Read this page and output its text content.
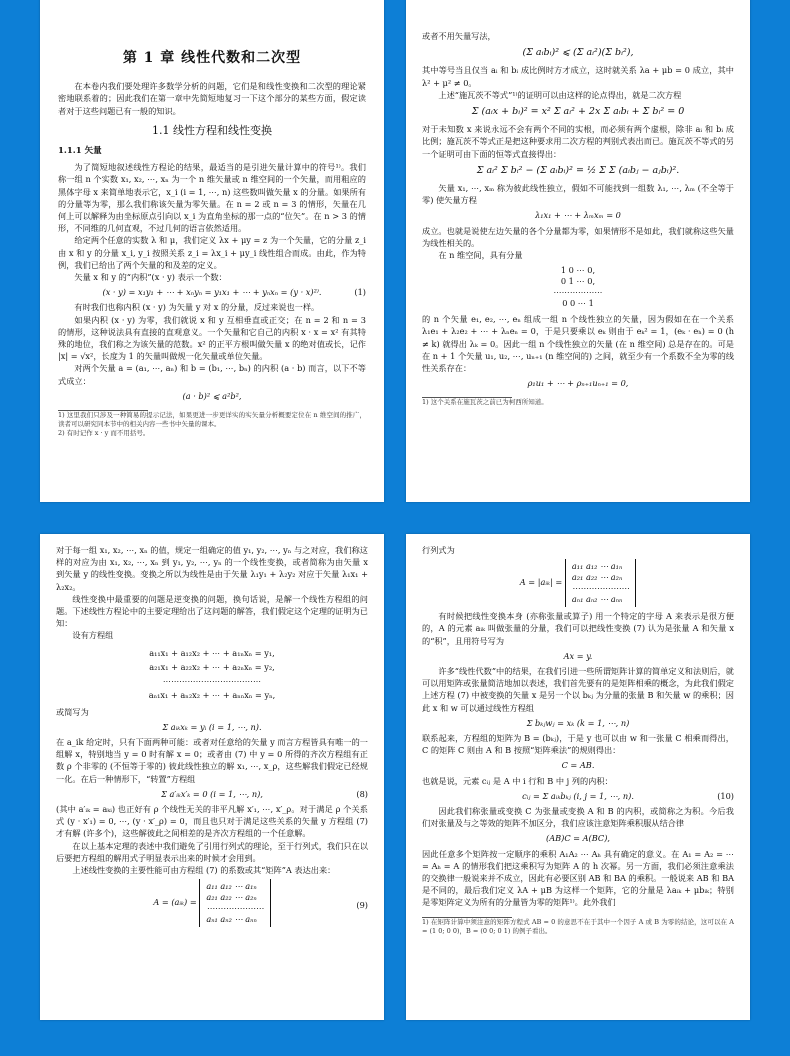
第 1 章 线性代数和二次型

在本卷内我们要处理许多数学分析的问题，它们是和线性变换和二次型的理论紧密地联系着的；因此我们在第一章中先简短地复习一下这个部分的某些方面，假定读者对于这些问题已有一般的知识。

1.1 线性方程和线性变换
1.1.1 矢量

为了简短地叙述线性方程论的结果，最适当的是引进矢量计算中的符号¹⁾。我们称一组 n 个实数 x₁, x₂, ⋯, xₙ 为一个 n 维矢量或 n 维空间的一个矢量，而用粗应的黑体字母 x 来简单地表示它，x_i (i = 1, ⋯, n) 这些数叫做矢量 x 的分量。如果所有的分量等为零，那么我们称该矢量为零矢量。在 n = 2 或 n = 3 的情形，矢量在几何上可以解释为由坐标原点引向以 x_i 为直角坐标的那一点的“位矢”。在 n > 3 的情形，不同维的几何直观，不过几何的语言依然适用。

给定两个任意的实数 λ 和 μ，我们定义 λx + μy = z 为一个矢量，它的分量 z_i 由 x 和 y 的分量 x_i, y_i 按照关系 z_i = λx_i + μy_i 线性组合而成。由此，作为特例，我们已给出了两个矢量的和及差的定义。

矢量 x 和 y 的“内积”(x · y) 表示一个数：

(x · y) = x₁y₁ + ⋯ + xₙyₙ = y₁x₁ + ⋯ + yₙxₙ = (y · x)²⁾.	(1)

有时我们也称内积 (x · y) 为矢量 y 对 x 的分量，反过来说也一样。

如果内积 (x · y) 为零，我们就说 x 和 y 互相垂直或正交；在 n = 2 和 n = 3 的情形，这种说法具有直接的直观意义。一个矢量和它自己的内积 x · x = x² 有其特殊的地位，我们称之为该矢量的范数。x² 的正平方根叫做矢量 x 的绝对值或长，记作 |x| = √x²，长度为 1 的矢量叫做规一化矢量或单位矢量。

对两个矢量 a = (a₁, ⋯, aₙ) 和 b = (b₁, ⋯, bₙ) 的内积 (a · b) 而言，以下不等式成立：

(a · b)² ⩽ a²b²,

1) 这里我们只涉及一种简易的提示记法，如果更进一步更详实的实矢量分析概要定位在 n 维空间的推广，读者可以研究同本节中的相关内容一些书中矢量的课本。

2) 有时记作 x · y 而不用括号。

或者不用矢量写法，

(Σ aᵢbᵢ)² ⩽ (Σ aᵢ²)(Σ bᵢ²),

其中等号当且仅当 aᵢ 和 bᵢ 成比例时方才成立，这时就关系 λa + μb = 0 成立，其中 λ² + μ² ≠ 0。

上述“施瓦茨不等式”¹⁾的证明可以由这样的论点得出，就是二次方程

Σ (aᵢx + bᵢ)² = x² Σ aᵢ² + 2x Σ aᵢbᵢ + Σ bᵢ² = 0

对于未知数 x 来说永远不会有两个不同的实根，而必须有两个虚根，除非 aᵢ 和 bᵢ 成比例；施瓦茨不等式正是把这种要求用二次方程的判别式表出而已。施瓦茨不等式的另一个证明可由下面的恒等式直接得出：

Σ aᵢ² Σ bᵢ² − (Σ aᵢbᵢ)² = ½ Σ Σ (aᵢbⱼ − aⱼbᵢ)².

矢量 x₁, ⋯, xₘ 称为彼此线性独立，假如不可能找到一组数 λ₁, ⋯, λₘ (不全等于零) 使矢量方程

λ₁x₁ + ⋯ + λₘxₘ = 0

成立。也就是说使左边矢量的各个分量都为零，如果情形不是如此，我们就称这些矢量为线性相关的。

在 n 维空间，具有分量

1 0 ⋯ 0,
0 1 ⋯ 0,
⋯⋯⋯⋯⋯⋯
0 0 ⋯ 1

的 n 个矢量 e₁, e₂, ⋯, eₙ 组成一组 n 个线性独立的矢量，因为假如在在一个关系 λ₁e₁ + λ₂e₂ + ⋯ + λₙeₙ = 0，于是只要乘以 eₖ 则由于 eₖ² = 1，(eₖ · eₕ) = 0 (h ≠ k) 就得出 λₖ = 0。因此一组 n 个线性独立的矢量 (在 n 维空间) 总是存在的。可是在 n + 1 个矢量 u₁, u₂, ⋯, uₙ₊₁ (n 维空间的) 之间，就至少有一个系数不全为零的线性关系存在：

ρ₁u₁ + ⋯ + ρₙ₊₁uₙ₊₁ = 0,

1) 这个关系在施瓦茨之前已为柯西所知道。

对于每一组 x₁, x₂, ⋯, xₙ 的值，规定一组确定的值 y₁, y₂, ⋯, yₙ 与之对应，我们称这样的对应为由 x₁, x₂, ⋯, xₙ 到 y₁, y₂, ⋯, yₙ 的一个线性变换，或者简称为由矢量 x 到矢量 y 的线性变换。变换之所以为线性是由于矢量 λ₁y₁ + λ₂y₂ 对应于矢量 λ₁x₁ + λ₂x₂。

线性变换中最重要的问题是逆变换的问题，换句话说，是解一个线性方程组的问题。下述线性方程论中的主要定理给出了这问题的解答，我们假定这个定理的证明为已知：

设有方程组

a₁₁x₁ + a₁₂x₂ + ⋯ + a₁ₙxₙ = y₁,
a₂₁x₁ + a₂₂x₂ + ⋯ + a₂ₙxₙ = y₂,
⋯⋯⋯⋯⋯⋯⋯⋯⋯⋯⋯⋯
aₙ₁x₁ + aₙ₂x₂ + ⋯ + aₙₙxₙ = yₙ,

或简写为

Σ aᵢₖxₖ = yᵢ (i = 1, ⋯, n).

在 a_ik 给定时，只有下面两种可能：或者对任意给的矢量 y 而言方程皆具有唯一的一组解 x，特别地当 y = 0 时有解 x = 0；或者由 (7) 中 y = 0 所得的齐次方程组有正数 ρ 个非零的 (不恒等于零的) 彼此线性独立的解 x₁, ⋯, x_ρ，这些解我们假定已经规一化。在后一种情形下，“转置”方程组

Σ a′ᵢₖx′ₖ = 0 (i = 1, ⋯, n),	(8)

(其中 a′ᵢₖ = aₖᵢ) 也正好有 ρ 个线性无关的非平凡解 x′₁, ⋯, x′_ρ。对于满足 ρ 个关系式 (y · x′₁) = 0, ⋯, (y · x′_ρ) = 0，而且也只对于满足这些关系的矢量 y 方程组 (7) 才有解 (许多个)，这些解彼此之间相差的是齐次方程组的一个任意解。

在以上基本定理的表述中我们避免了引用行列式的理论，至于行列式，我们只在以后要把方程组的解用式子明显表示出来的时候才会用到。

上述线性变换的主要性能可由方程组 (7) 的系数或其“矩阵”A 表达出来：

A = (aᵢₖ) =
a₁₁ a₁₂ ⋯ a₁ₙ
a₂₁ a₂₂ ⋯ a₂ₙ
⋯⋯⋯⋯⋯⋯⋯
aₙ₁ aₙ₂ ⋯ aₙₙ
(9)

行列式为

A = |aᵢₖ| =
a₁₁ a₁₂ ⋯ a₁ₙ
a₂₁ a₂₂ ⋯ a₂ₙ
⋯⋯⋯⋯⋯⋯⋯
aₙ₁ aₙ₂ ⋯ aₙₙ

有时候把线性变换本身 (亦称张量或算子) 用一个特定的字母 A 来表示是很方便的，A 的元素 aᵢₖ 叫做张量的分量，我们可以把线性变换 (7) 认为是张量 A 和矢量 x 的“积”，且用符号写为

Ax = y.

许多“线性代数”中的结果，在我们引进一些所谓矩阵计算的简单定义和法则后，就可以用矩阵或张量简洁地加以表述，我们首先要有的是矩阵相乘的概念，为此我们假定上述方程 (7) 中被变换的矢量 x 是另一个以 bₖⱼ 为分量的张量 B 和矢量 w 的乘积；因此 x 和 w 可以通过线性方程组

Σ bₖⱼwⱼ = xₖ (k = 1, ⋯, n)

联系起来，方程组的矩阵为 B = (bₖⱼ)，于是 y 也可以由 w 和一张量 C 相乘而得出，C 的矩阵 C 则由 A 和 B 按照“矩阵乘法”的规则得出：

C = AB.

也就是说，元素 cᵢⱼ 是 A 中 i 行和 B 中 j 列的内积：

cᵢⱼ = Σ aᵢₖbₖⱼ (i, j = 1, ⋯, n).	(10)

因此我们称张量或变换 C 为张量或变换 A 和 B 的内积，或简称之为积。今后我们对张量及与之等效的矩阵不加区分，我们应该注意矩阵乘积服从结合律

(AB)C = A(BC),

因此任意多个矩阵按一定顺序的乘积 A₁A₂ ⋯ Aₕ 具有确定的意义。在 A₁ = A₂ = ⋯ = Aₕ = A 的情形我们把这乘积写为矩阵 A 的 h 次幂。另一方面，我们必须注意乘法的交换律一般说来并不成立，因此有必要区别 AB 和 BA 的乘积。一般说来 AB 和 BA 是不同的，最后我们定义 λA + μB 为这样一个矩阵，它的分量是 λaᵢₖ + μbᵢₖ；特别是零矩阵定义为所有的分量皆为零的矩阵¹⁾。此外我们

1) 在矩阵计算中须注意的矩阵方程式 AB = 0 的意思不在于其中一个因子 A 或 B 为零的结论，这可以在 A = (1 0; 0 0)，B = (0 0; 0 1) 的例子看出。
